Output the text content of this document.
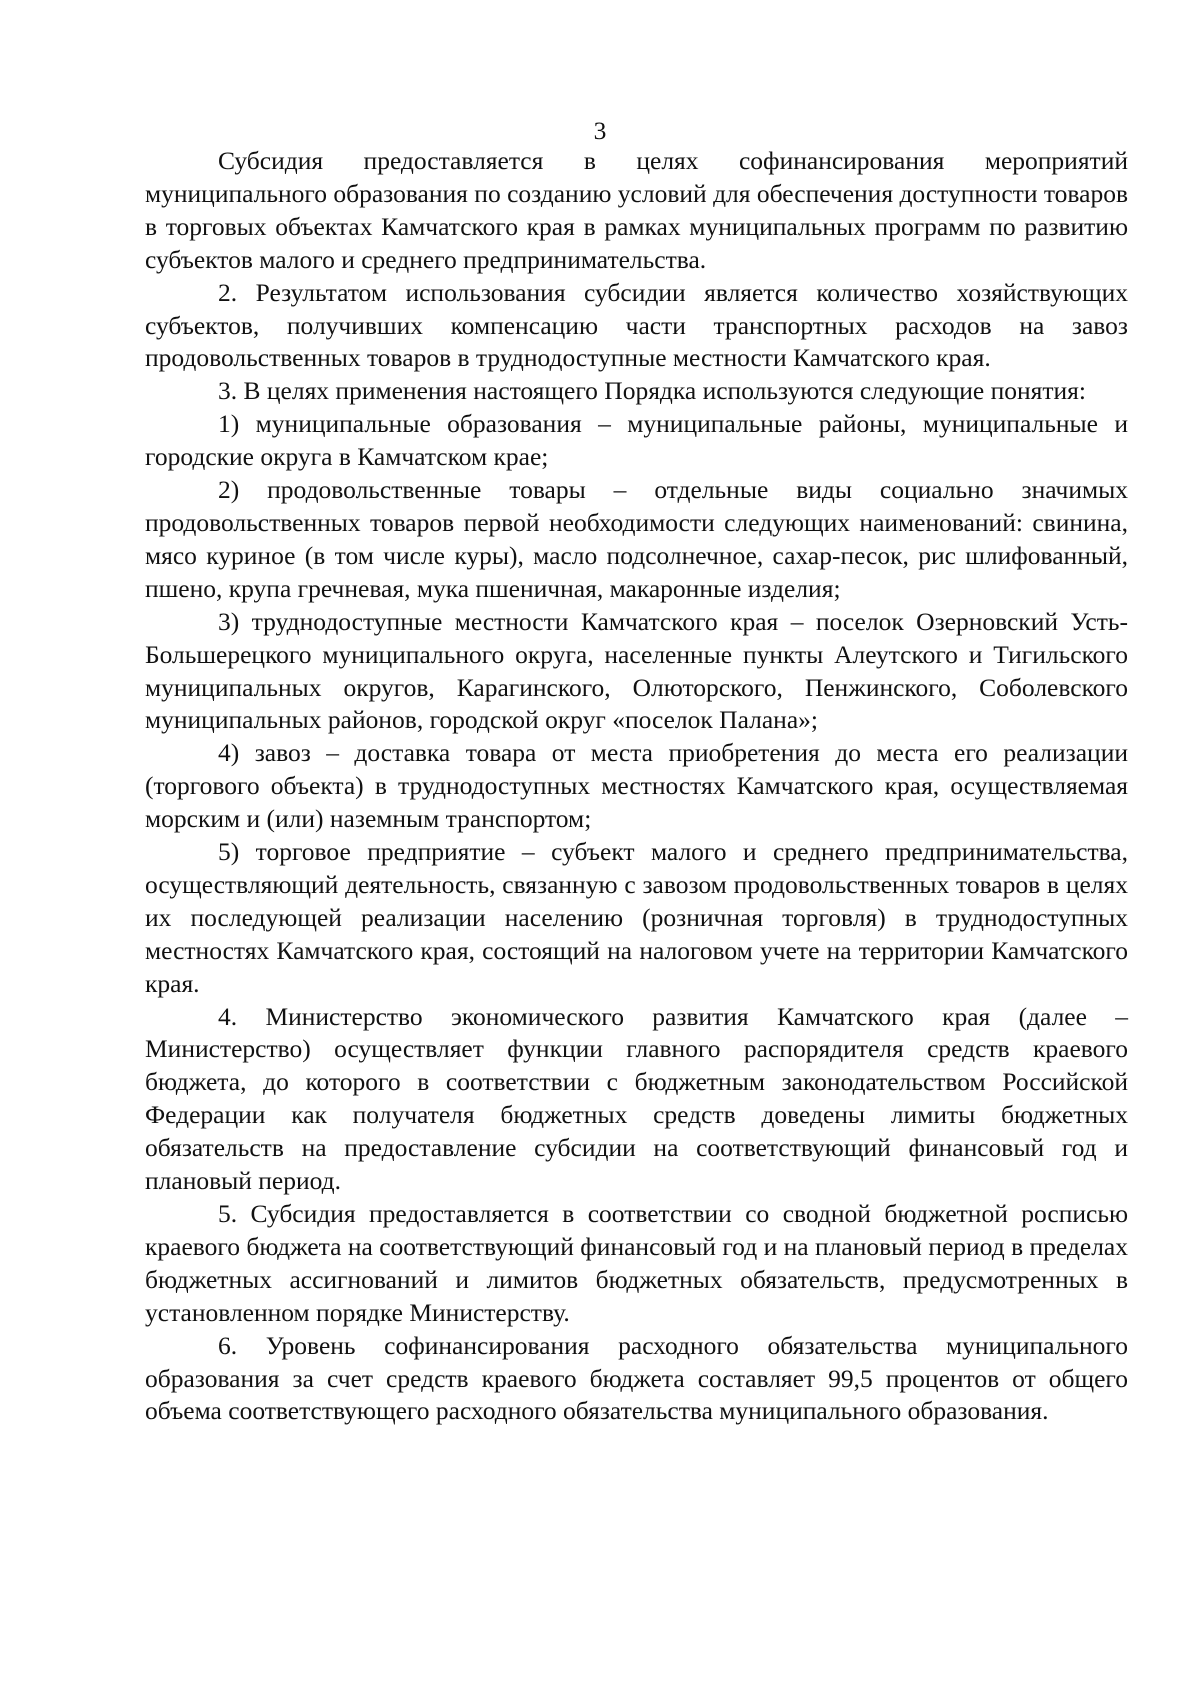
3

Субсидия предоставляется в целях софинансирования мероприятий муниципального образования по созданию условий для обеспечения доступности товаров в торговых объектах Камчатского края в рамках муниципальных программ по развитию субъектов малого и среднего предпринимательства.

2. Результатом использования субсидии является количество хозяйствующих субъектов, получивших компенсацию части транспортных расходов на завоз продовольственных товаров в труднодоступные местности Камчатского края.

3. В целях применения настоящего Порядка используются следующие понятия:

1) муниципальные образования – муниципальные районы, муниципальные и городские округа в Камчатском крае;

2) продовольственные товары – отдельные виды социально значимых продовольственных товаров первой необходимости следующих наименований: свинина, мясо куриное (в том числе куры), масло подсолнечное, сахар-песок, рис шлифованный, пшено, крупа гречневая, мука пшеничная, макаронные изделия;

3) труднодоступные местности Камчатского края – поселок Озерновский Усть-Большерецкого муниципального округа, населенные пункты Алеутского и Тигильского муниципальных округов, Карагинского, Олюторского, Пенжинского, Соболевского муниципальных районов, городской округ «поселок Палана»;

4) завоз – доставка товара от места приобретения до места его реализации (торгового объекта) в труднодоступных местностях Камчатского края, осуществляемая морским и (или) наземным транспортом;

5) торговое предприятие – субъект малого и среднего предпринимательства, осуществляющий деятельность, связанную с завозом продовольственных товаров в целях их последующей реализации населению (розничная торговля) в труднодоступных местностях Камчатского края, состоящий на налоговом учете на территории Камчатского края.

4. Министерство экономического развития Камчатского края (далее – Министерство) осуществляет функции главного распорядителя средств краевого бюджета, до которого в соответствии с бюджетным законодательством Российской Федерации как получателя бюджетных средств доведены лимиты бюджетных обязательств на предоставление субсидии на соответствующий финансовый год и плановый период.

5. Субсидия предоставляется в соответствии со сводной бюджетной росписью краевого бюджета на соответствующий финансовый год и на плановый период в пределах бюджетных ассигнований и лимитов бюджетных обязательств, предусмотренных в установленном порядке Министерству.

6. Уровень софинансирования расходного обязательства муниципального образования за счет средств краевого бюджета составляет 99,5 процентов от общего объема соответствующего расходного обязательства муниципального образования.
